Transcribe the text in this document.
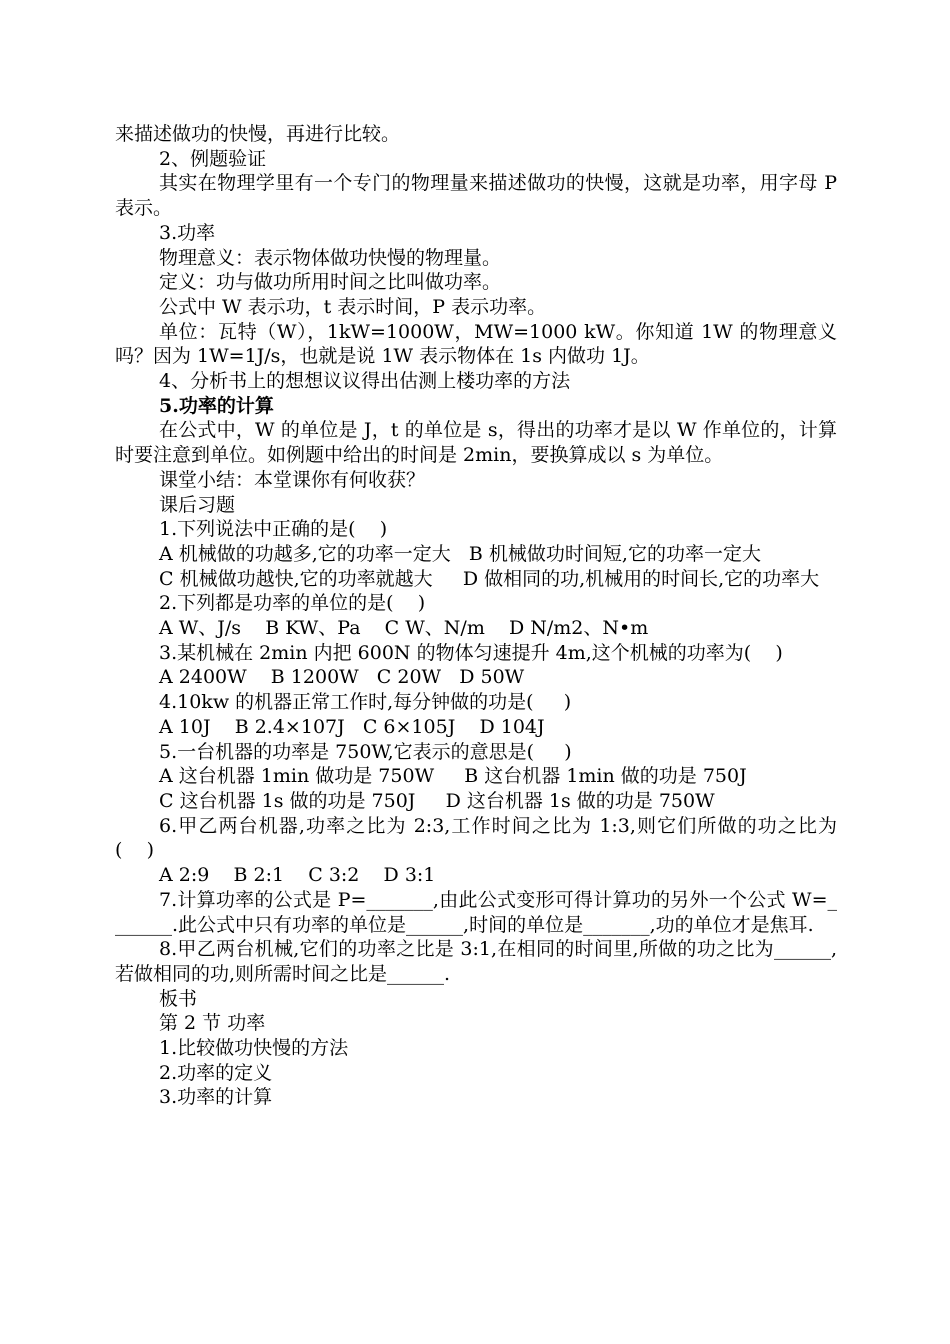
来描述做功的快慢，再进行比较。

2、例题验证

其实在物理学里有一个专门的物理量来描述做功的快慢，这就是功率，用字母 P 表示。

3.功率

物理意义：表示物体做功快慢的物理量。

定义：功与做功所用时间之比叫做功率。

公式中 W 表示功，t 表示时间，P 表示功率。

单位：瓦特（W），1kW=1000W，MW=1000 kW。你知道 1W 的物理意义吗？因为 1W=1J/s，也就是说 1W 表示物体在 1s 内做功 1J。

4、分析书上的想想议议得出估测上楼功率的方法

5.功率的计算

在公式中，W 的单位是 J，t 的单位是 s，得出的功率才是以 W 作单位的，计算时要注意到单位。如例题中给出的时间是 2min，要换算成以 s 为单位。

课堂小结：本堂课你有何收获？

课后习题

1.下列说法中正确的是(    )

A 机械做的功越多,它的功率一定大   B 机械做功时间短,它的功率一定大

C 机械做功越快,它的功率就越大     D 做相同的功,机械用的时间长,它的功率大

2.下列都是功率的单位的是(    )

A W、J/s    B KW、Pa    C W、N/m    D N/m2、N•m

3.某机械在 2min 内把 600N 的物体匀速提升 4m,这个机械的功率为(    )

A 2400W    B 1200W   C 20W   D 50W

4.10kw 的机器正常工作时,每分钟做的功是(     )

A 10J    B 2.4×107J   C 6×105J    D 104J

5.一台机器的功率是 750W,它表示的意思是(     )

A 这台机器 1min 做功是 750W     B 这台机器 1min 做的功是 750J

C 这台机器 1s 做的功是 750J     D 这台机器 1s 做的功是 750W

6.甲乙两台机器,功率之比为 2:3,工作时间之比为 1:3,则它们所做的功之比为(    )

A 2:9    B 2:1    C 3:2    D 3:1

7.计算功率的公式是 P=_______,由此公式变形可得计算功的另外一个公式 W=_______.此公式中只有功率的单位是______,时间的单位是_______,功的单位才是焦耳.

8.甲乙两台机械,它们的功率之比是 3:1,在相同的时间里,所做的功之比为______,若做相同的功,则所需时间之比是______.

板书

第 2 节 功率

1.比较做功快慢的方法

2.功率的定义

3.功率的计算
